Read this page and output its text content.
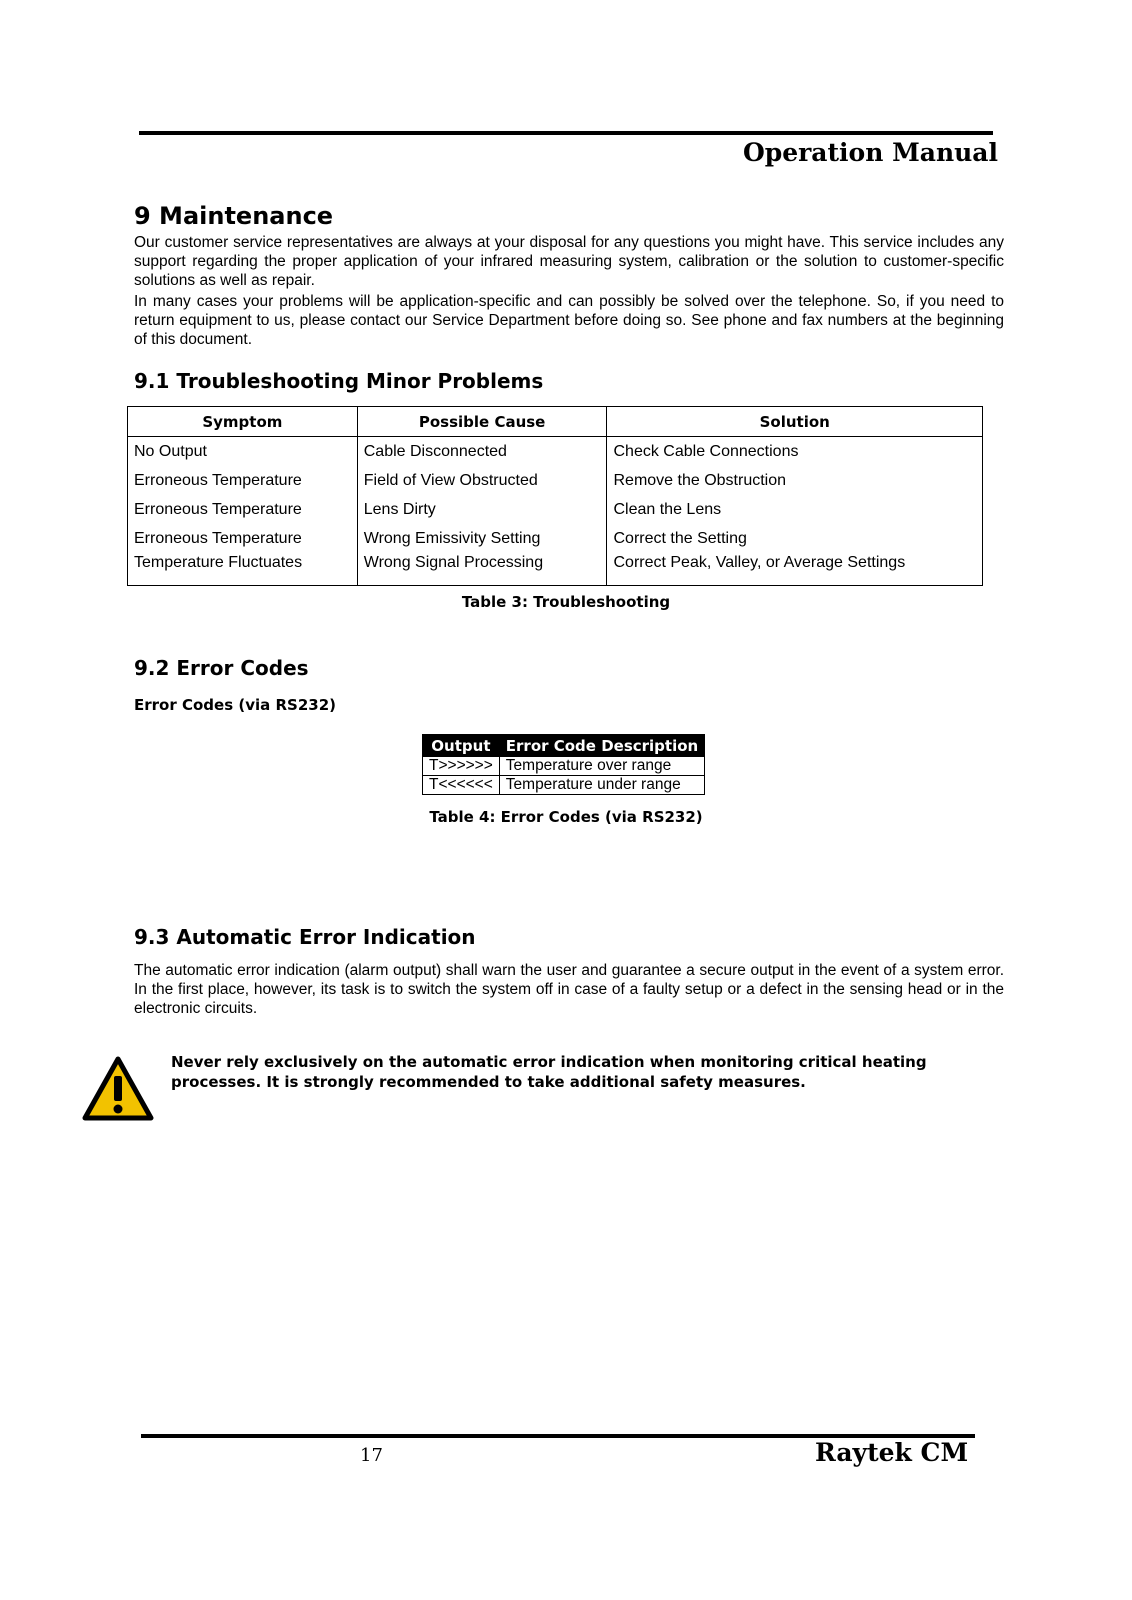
Operation Manual
9 Maintenance

Our customer service representatives are always at your disposal for any questions you might have. This service includes any support regarding the proper application of your infrared measuring system, calibration or the solution to customer-specific solutions as well as repair.

In many cases your problems will be application-specific and can possibly be solved over the telephone. So, if you need to return equipment to us, please contact our Service Department before doing so. See phone and fax numbers at the beginning of this document.

9.1 Troubleshooting Minor Problems
Symptom	Possible Cause	Solution
No Output	Cable Disconnected	Check Cable Connections
Erroneous Temperature	Field of View Obstructed	Remove the Obstruction
Erroneous Temperature	Lens Dirty	Clean the Lens
Erroneous Temperature	Wrong Emissivity Setting	Correct the Setting
Temperature Fluctuates	Wrong Signal Processing	Correct Peak, Valley, or Average Settings
Table 3: Troubleshooting
9.2 Error Codes
Error Codes (via RS232)
Output	Error Code Description
T>>>>>>	Temperature over range
T<<<<<<	Temperature under range
Table 4: Error Codes (via RS232)
9.3 Automatic Error Indication

The automatic error indication (alarm output) shall warn the user and guarantee a secure output in the event of a system error. In the first place, however, its task is to switch the system off in case of a faulty setup or a defect in the sensing head or in the electronic circuits.

Never rely exclusively on the automatic error indication when monitoring critical heating processes. It is strongly recommended to take additional safety measures.

17	Raytek CM
